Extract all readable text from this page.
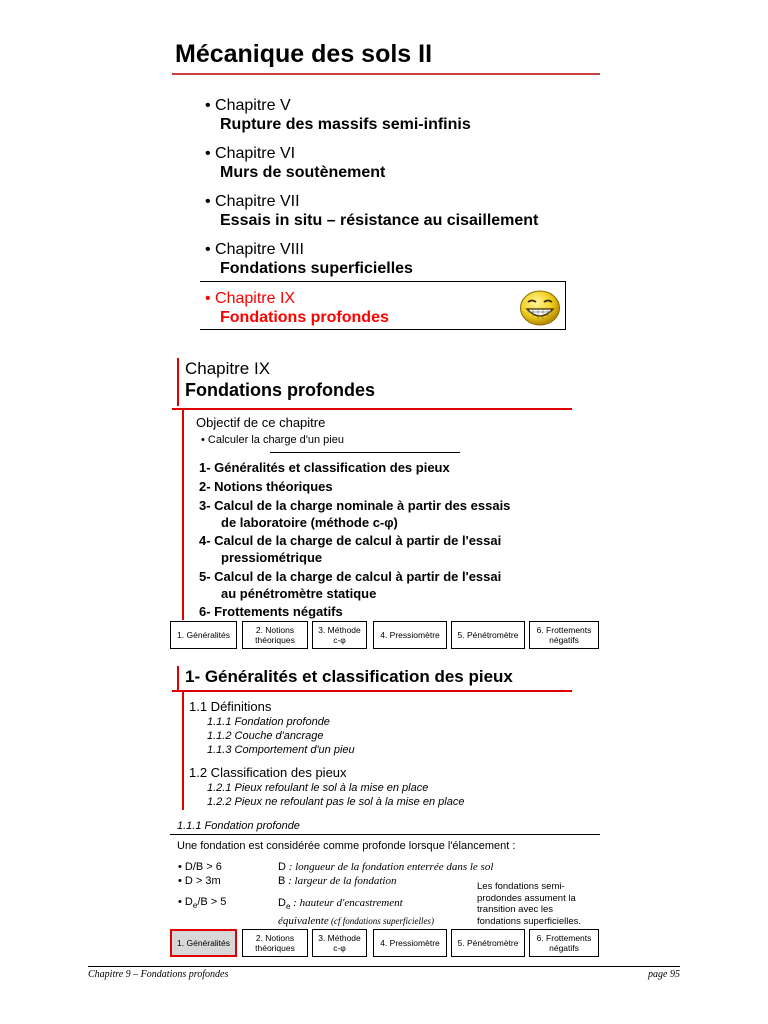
Mécanique des sols II
• Chapitre V
Rupture des massifs semi-infinis
• Chapitre VI
Murs de soutènement
• Chapitre VII
Essais in situ – résistance au cisaillement
• Chapitre VIII
Fondations superficielles
• Chapitre IX
Fondations profondes
Chapitre IX
Fondations profondes
Objectif de ce chapitre
• Calculer la charge d'un pieu
1- Généralités et classification des pieux
2- Notions théoriques
3- Calcul de la charge nominale à partir des essais
de laboratoire (méthode c-φ)
4- Calcul de la charge de calcul à partir de l'essai
pressiométrique
5- Calcul de la charge de calcul à partir de l'essai
au pénétromètre statique
6- Frottements négatifs
1. Généralités	2. Notions
théoriques
3. Méthode
c-φ	4. Pressiomètre 5. Pénétromètre 6. Frottements
négatifs
1- Généralités et classification des pieux
1.1 Définitions
1.1.1 Fondation profonde
1.1.2 Couche d'ancrage
1.1.3 Comportement d'un pieu
1.2 Classification des pieux
1.2.1 Pieux refoulant le sol à la mise en place
1.2.2 Pieux ne refoulant pas le sol à la mise en place
1.1.1 Fondation profonde
Une fondation est considérée comme profonde lorsque l'élancement :
• D/B > 6	D : longueur de la fondation enterrée dans le sol
• D > 3m	B : largeur de la fondation
• $D_e/B > 5$	$D_e$ : hauteur d'encastrement
équivalente (cf fondations superficielles)
Les fondations semi-prodondes assument la transition avec les fondations superficielles.
1. Généralités	2. Notions
théoriques
3. Méthode
c-φ	4. Pressiomètre 5. Pénétromètre 6. Frottements
négatifs
Chapitre 9 – Fondations profondes	page 95
